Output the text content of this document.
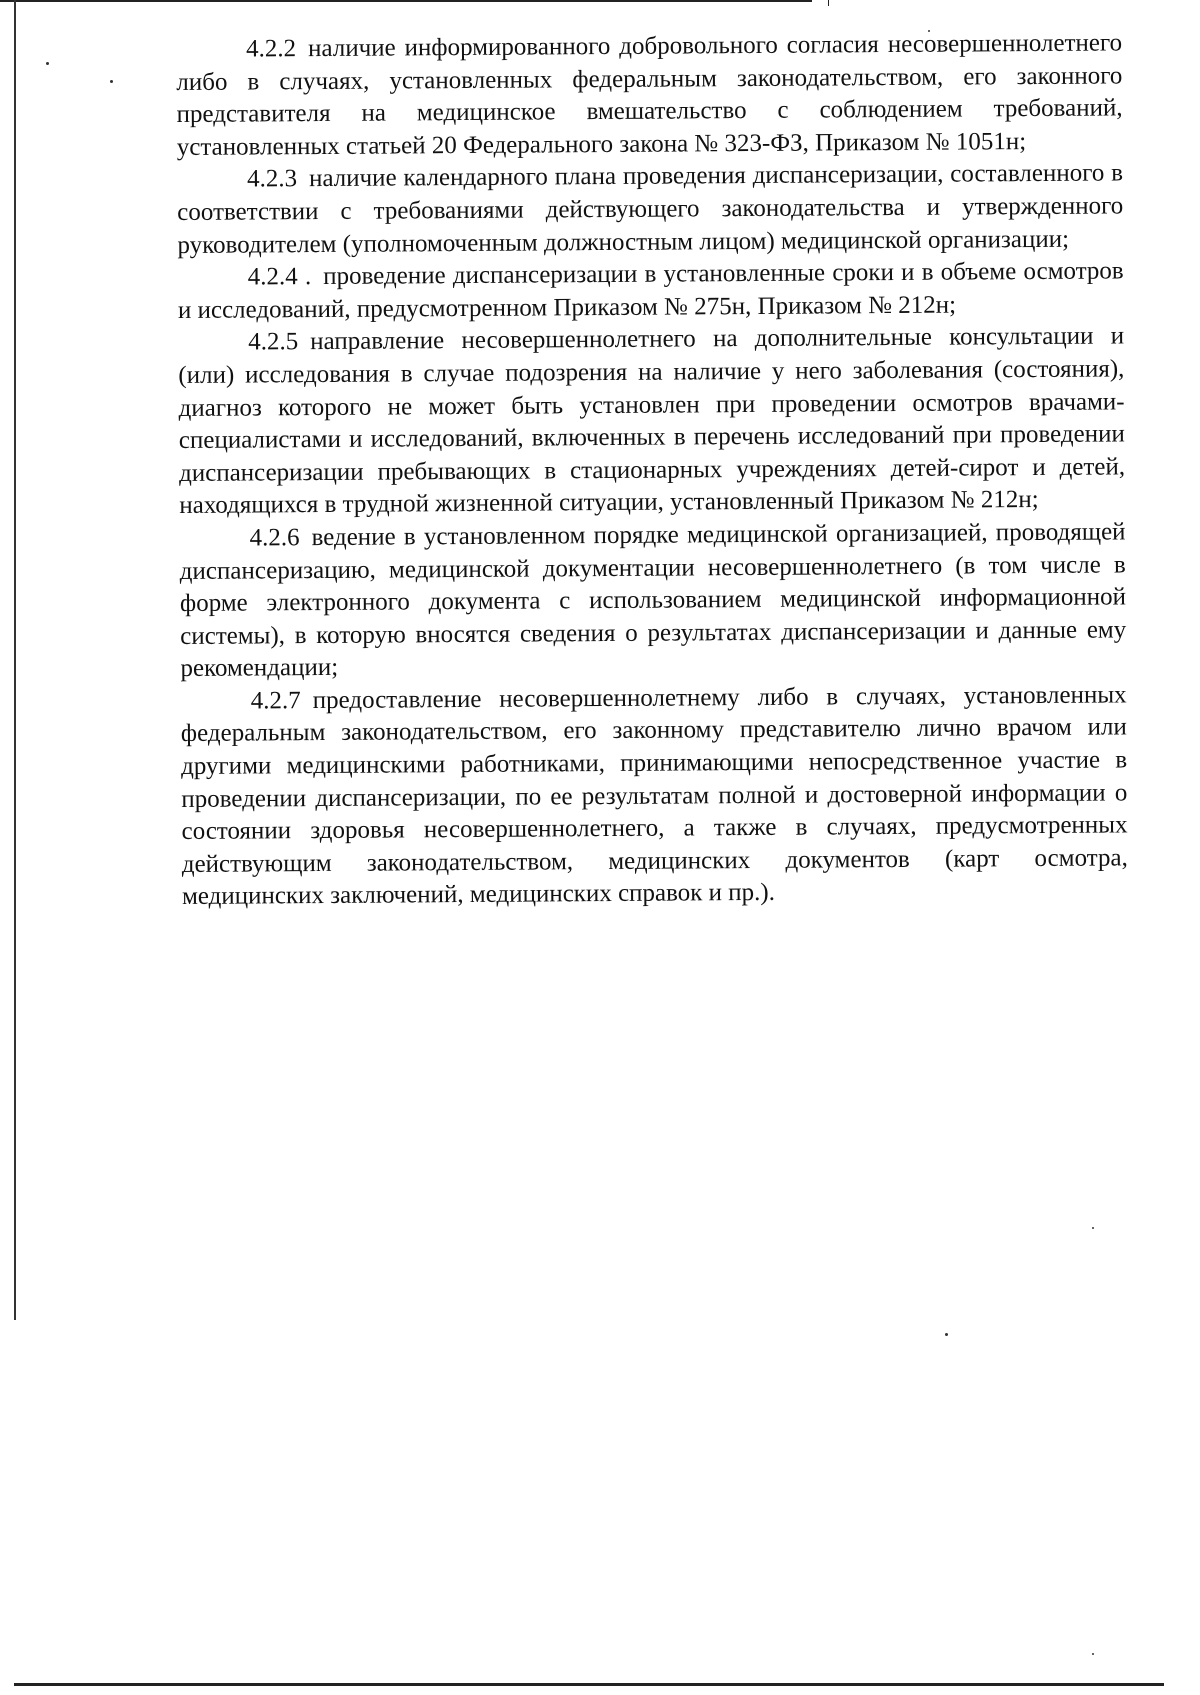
4.2.2 наличие информированного добровольного согласия несовершеннолетнего либо в случаях, установленных федеральным законодательством, его законного представителя на медицинское вмешательство с соблюдением требований, установленных статьей 20 Федерального закона № 323-ФЗ, Приказом № 1051н;

4.2.3 наличие календарного плана проведения диспансеризации, составленного в соответствии с требованиями действующего законодательства и утвержденного руководителем (уполномоченным должностным лицом) медицинской организации;

4.2.4 . проведение диспансеризации в установленные сроки и в объеме осмотров и исследований, предусмотренном Приказом № 275н, Приказом № 212н;

4.2.5 направление несовершеннолетнего на дополнительные консультации и (или) исследования в случае подозрения на наличие у него заболевания (состояния), диагноз которого не может быть установлен при проведении осмотров врачами-специалистами и исследований, включенных в перечень исследований при проведении диспансеризации пребывающих в стационарных учреждениях детей-сирот и детей, находящихся в трудной жизненной ситуации, установленный Приказом № 212н;

4.2.6 ведение в установленном порядке медицинской организацией, проводящей диспансеризацию, медицинской документации несовершеннолетнего (в том числе в форме электронного документа с использованием медицинской информационной системы), в которую вносятся сведения о результатах диспансеризации и данные ему рекомендации;

4.2.7 предоставление несовершеннолетнему либо в случаях, установленных федеральным законодательством, его законному представителю лично врачом или другими медицинскими работниками, принимающими непосредственное участие в проведении диспансеризации, по ее результатам полной и достоверной информации о состоянии здоровья несовершеннолетнего, а также в случаях, предусмотренных действующим законодательством, медицинских документов (карт осмотра, медицинских заключений, медицинских справок и пр.).
